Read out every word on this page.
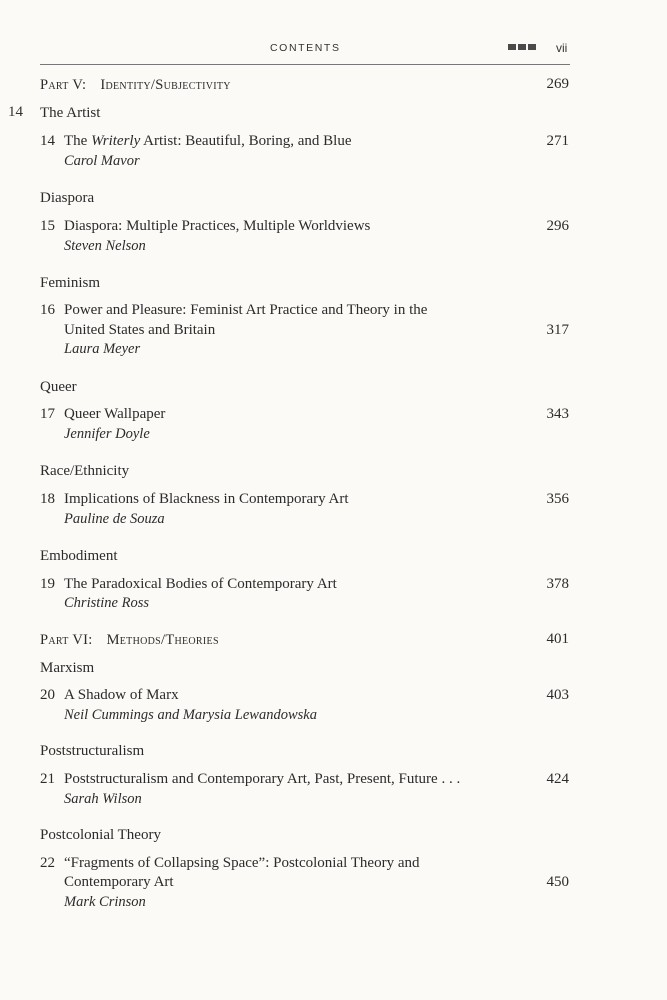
CONTENTS	vii
14
Part V: Identity/Subjectivity	269
The Artist
14 The Writerly Artist: Beautiful, Boring, and Blue	271
Carol Mavor
Diaspora
15 Diaspora: Multiple Practices, Multiple Worldviews	296
Steven Nelson
Feminism
16 Power and Pleasure: Feminist Art Practice and Theory in the
United States and Britain	317
Laura Meyer
Queer
17 Queer Wallpaper	343
Jennifer Doyle
Race/Ethnicity
18 Implications of Blackness in Contemporary Art	356
Pauline de Souza
Embodiment
19 The Paradoxical Bodies of Contemporary Art	378
Christine Ross
Part VI: Methods/Theories	401
Marxism
20 A Shadow of Marx	403
Neil Cummings and Marysia Lewandowska
Poststructuralism
21 Poststructuralism and Contemporary Art, Past, Present, Future . . .	424
Sarah Wilson
Postcolonial Theory
22 “Fragments of Collapsing Space”: Postcolonial Theory and
Contemporary Art	450
Mark Crinson
